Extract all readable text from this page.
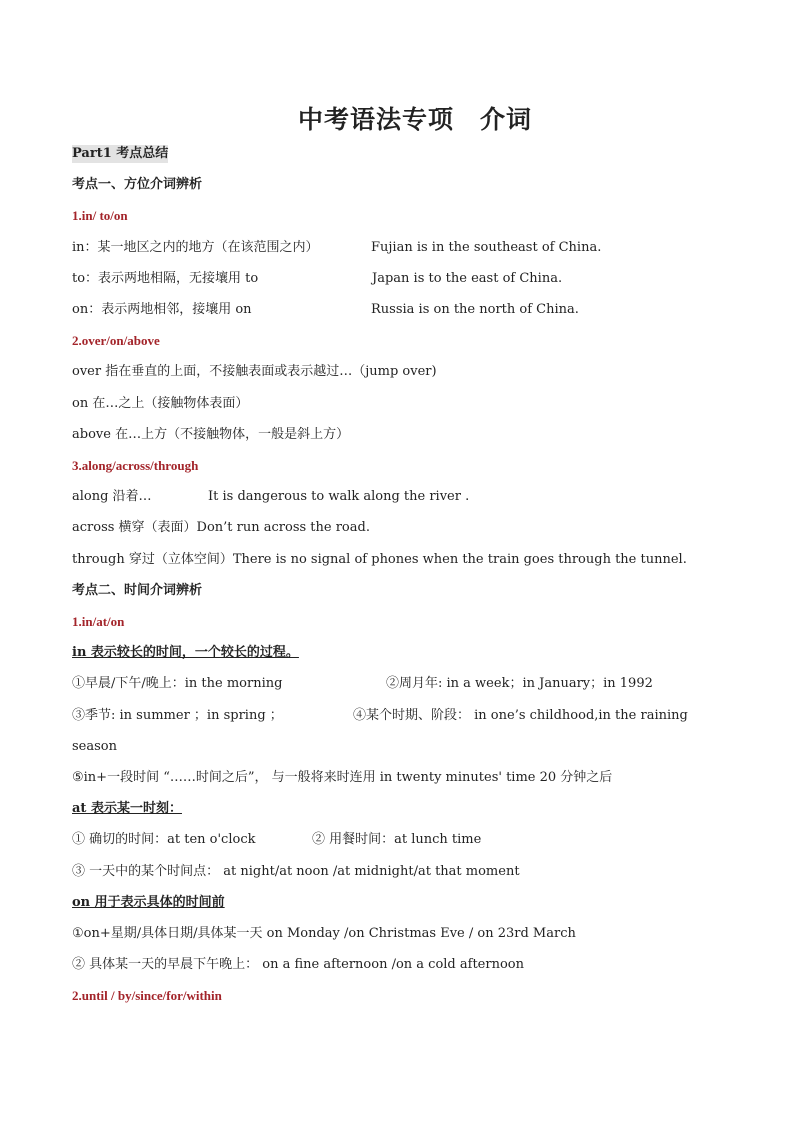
中考语法专项　介词
Part1 考点总结
考点一、方位介词辨析
1.in/ to/on
in：某一地区之内的地方（在该范围之内）	Fujian is in the southeast of China.
to：表示两地相隔，无接壤用 to	Japan is to the east of China.
on：表示两地相邻，接壤用 on	Russia is on the north of China.
2.over/on/above
over 指在垂直的上面，不接触表面或表示越过…（jump over)
on 在…之上（接触物体表面）
above 在…上方（不接触物体，一般是斜上方）
3.along/across/through
along 沿着…	It is dangerous to walk along the river .
across 横穿（表面）Don’t run across the road.
through 穿过（立体空间）There is no signal of phones when the train goes through the tunnel.
考点二、时间介词辨析
1.in/at/on
in 表示较长的时间，一个较长的过程。
①早晨/下午/晚上：in the morning	②周月年: in a week；in January；in 1992
③季节: in summer ；in spring ；	④某个时期、阶段： in one’s childhood,in the raining
season
⑤in+一段时间 “……时间之后”， 与一般将来时连用 in twenty minutes' time 20 分钟之后
at 表示某一时刻：
① 确切的时间：at ten o'clock	② 用餐时间：at lunch time
③ 一天中的某个时间点： at night/at noon /at midnight/at that moment
on 用于表示具体的时间前
①on+星期/具体日期/具体某一天 on Monday /on Christmas Eve / on 23rd March
② 具体某一天的早晨下午晚上： on a fine afternoon /on a cold afternoon
2.until / by/since/for/within
